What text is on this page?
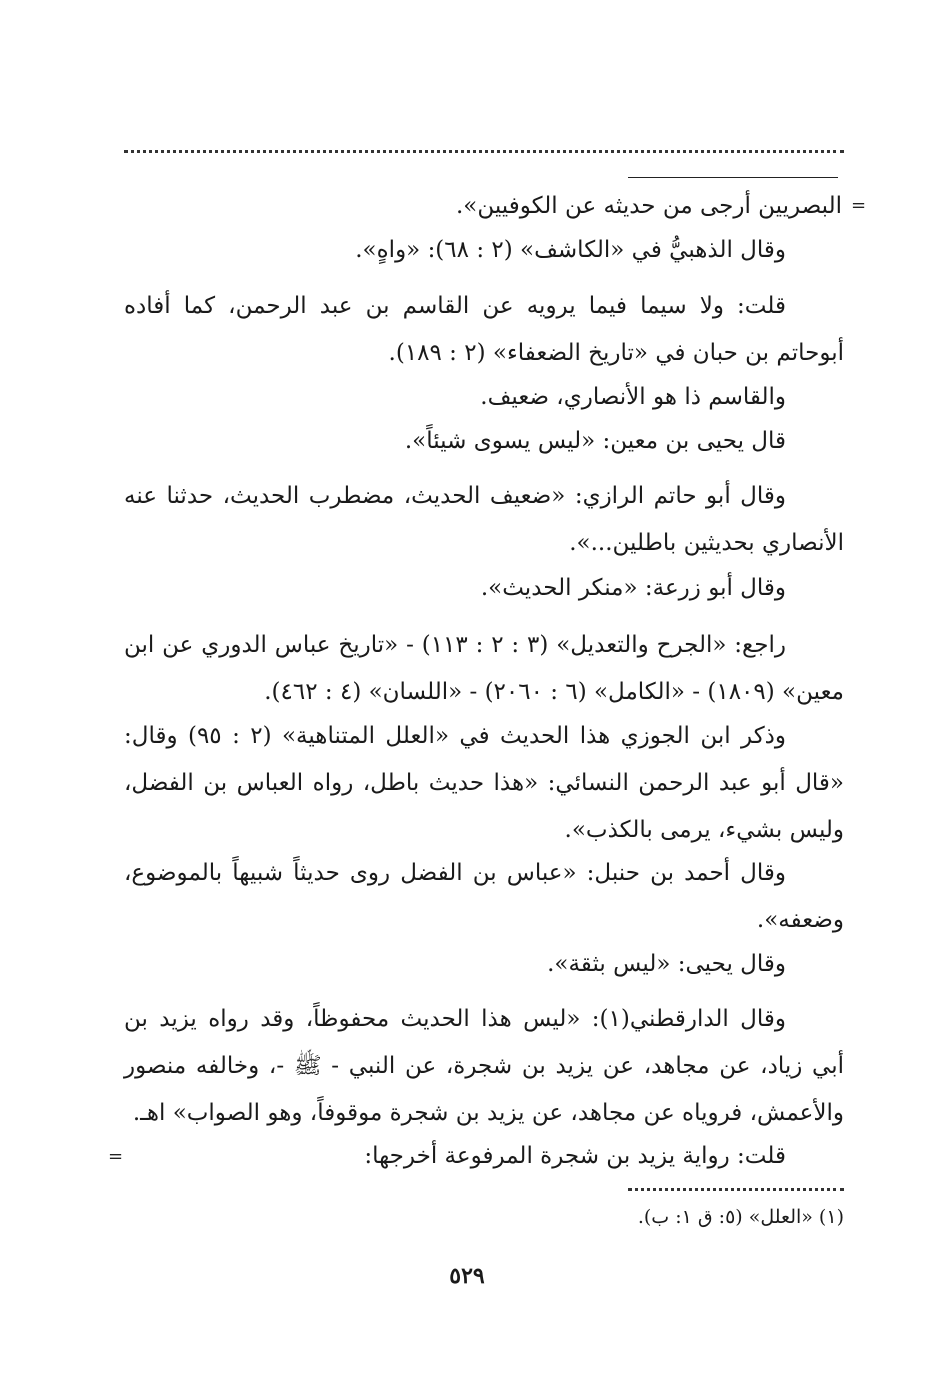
=
البصريين أرجى من حديثه عن الكوفيين».
وقال الذهبيُّ في «الكاشف» (٢ : ٦٨): «واهٍ».
قلت: ولا سيما فيما يرويه عن القاسم بن عبد الرحمن، كما أفاده أبوحاتم بن حبان في «تاريخ الضعفاء» (٢ : ١٨٩).
والقاسم ذا هو الأنصاري، ضعيف.
قال يحيى بن معين: «ليس يسوى شيئاً».
وقال أبو حاتم الرازي: «ضعيف الحديث، مضطرب الحديث، حدثنا عنه الأنصاري بحديثين باطلين...».
وقال أبو زرعة: «منكر الحديث».
راجع: «الجرح والتعديل» (٣ : ٢ : ١١٣) - «تاريخ عباس الدوري عن ابن معين» (١٨٠٩) - «الكامل» (٦ : ٢٠٦٠) - «اللسان» (٤ : ٤٦٢).
وذكر ابن الجوزي هذا الحديث في «العلل المتناهية» (٢ : ٩٥) وقال: «قال أبو عبد الرحمن النسائي: «هذا حديث باطل، رواه العباس بن الفضل، وليس بشيء، يرمى بالكذب».
وقال أحمد بن حنبل: «عباس بن الفضل روى حديثاً شبيهاً بالموضوع، وضعفه».
وقال يحيى: «ليس بثقة».
وقال الدارقطني(١): «ليس هذا الحديث محفوظاً، وقد رواه يزيد بن أبي زياد، عن مجاهد، عن يزيد بن شجرة، عن النبي - ﷺ -، وخالفه منصور والأعمش، فروياه عن مجاهد، عن يزيد بن شجرة موقوفاً، وهو الصواب» اهـ.
قلت: رواية يزيد بن شجرة المرفوعة أخرجها:
=
(١) «العلل» (٥: ق ١: ب).
٥٢٩
